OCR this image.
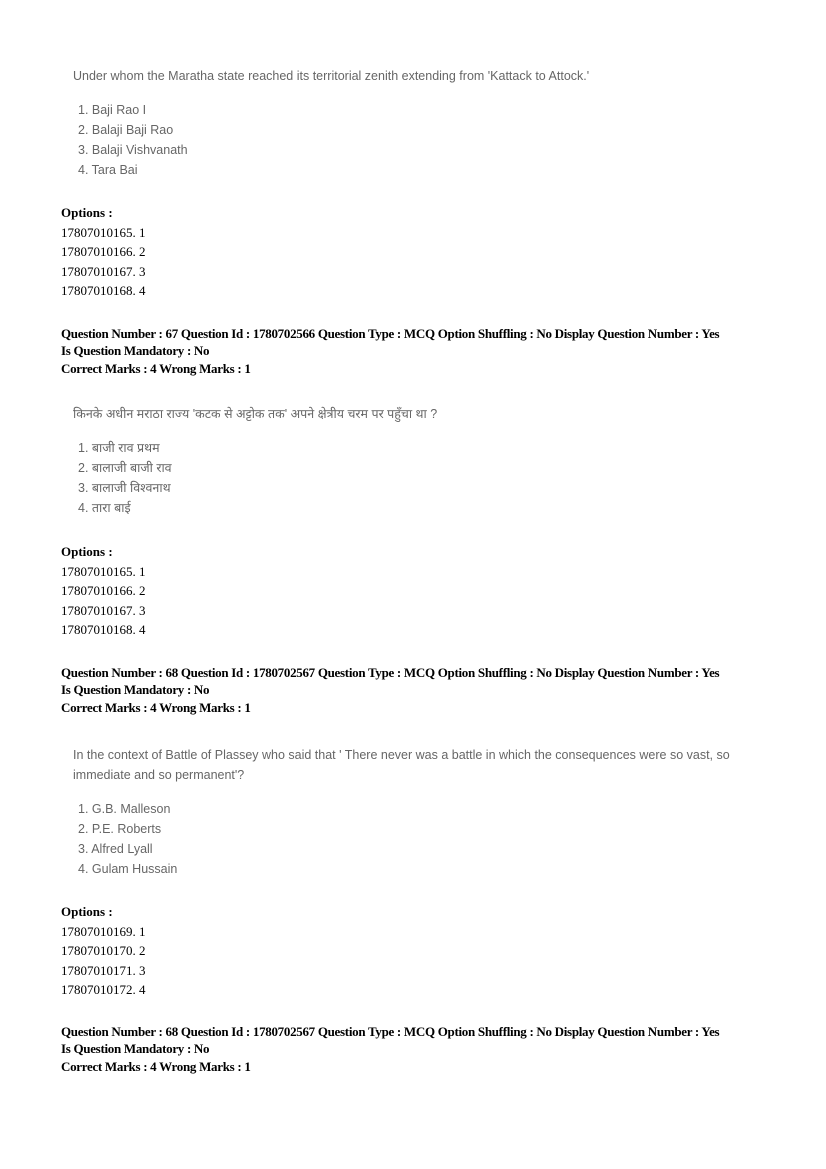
Under whom the Maratha state reached its territorial zenith extending from 'Kattack to Attock.'
1. Baji Rao I
2. Balaji Baji Rao
3. Balaji Vishvanath
4. Tara Bai
Options :
17807010165. 1
17807010166. 2
17807010167. 3
17807010168. 4
Question Number : 67 Question Id : 1780702566 Question Type : MCQ Option Shuffling : No Display Question Number : Yes
Is Question Mandatory : No
Correct Marks : 4 Wrong Marks : 1
किनके अधीन मराठा राज्य 'कटक से अट्टोक तक' अपने क्षेत्रीय चरम पर पहुँचा था ?
1. बाजी राव प्रथम
2. बालाजी बाजी राव
3. बालाजी विश्वनाथ
4. तारा बाई
Options :
17807010165. 1
17807010166. 2
17807010167. 3
17807010168. 4
Question Number : 68 Question Id : 1780702567 Question Type : MCQ Option Shuffling : No Display Question Number : Yes
Is Question Mandatory : No
Correct Marks : 4 Wrong Marks : 1
In the context of Battle of Plassey who said that ' There never was a battle in which the consequences were so vast, so immediate and so permanent'?
1. G.B. Malleson
2. P.E. Roberts
3. Alfred Lyall
4. Gulam Hussain
Options :
17807010169. 1
17807010170. 2
17807010171. 3
17807010172. 4
Question Number : 68 Question Id : 1780702567 Question Type : MCQ Option Shuffling : No Display Question Number : Yes
Is Question Mandatory : No
Correct Marks : 4 Wrong Marks : 1
